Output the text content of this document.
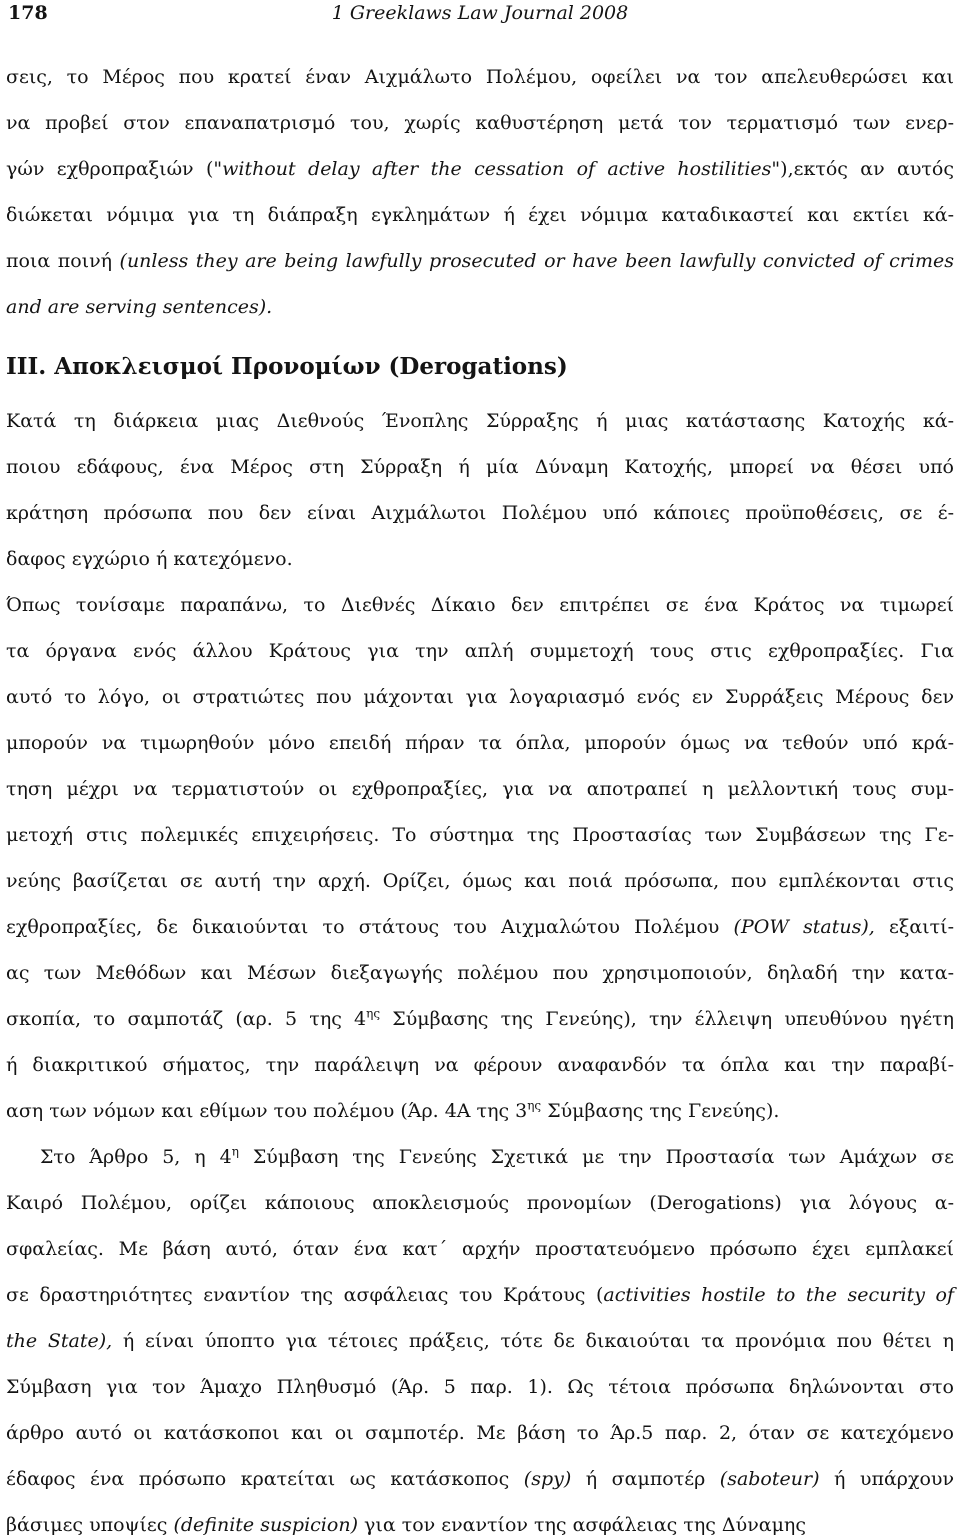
178	1 Greeklaws Law Journal 2008
σεις, το Μέρος που κρατεί έναν Αιχμάλωτο Πολέμου, οφείλει να τον απελευθερώσει και
να προβεί στον επαναπατρισμό του, χωρίς καθυστέρηση μετά τον τερματισμό των ενερ-
γών εχθροπραξιών ("without delay after the cessation of active hostilities"),εκτός αν αυτός
διώκεται νόμιμα για τη διάπραξη εγκλημάτων ή έχει νόμιμα καταδικαστεί και εκτίει κά-
ποια ποινή (unless they are being lawfully prosecuted or have been lawfully convicted of crimes
and are serving sentences).
III. Αποκλεισμοί Προνομίων (Derogations)
Κατά τη διάρκεια μιας Διεθνούς Ένοπλης Σύρραξης ή μιας κατάστασης Κατοχής κά-
ποιου εδάφους, ένα Μέρος στη Σύρραξη ή μία Δύναμη Κατοχής, μπορεί να θέσει υπό
κράτηση πρόσωπα που δεν είναι Αιχμάλωτοι Πολέμου υπό κάποιες προϋποθέσεις, σε έ-
δαφος εγχώριο ή κατεχόμενο.
Όπως τονίσαμε παραπάνω, το Διεθνές Δίκαιο δεν επιτρέπει σε ένα Κράτος να τιμωρεί
τα όργανα ενός άλλου Κράτους για την απλή συμμετοχή τους στις εχθροπραξίες. Για
αυτό το λόγο, οι στρατιώτες που μάχονται για λογαριασμό ενός εν Συρράξεις Μέρους δεν
μπορούν να τιμωρηθούν μόνο επειδή πήραν τα όπλα, μπορούν όμως να τεθούν υπό κρά-
τηση μέχρι να τερματιστούν οι εχθροπραξίες, για να αποτραπεί η μελλοντική τους συμ-
μετοχή στις πολεμικές επιχειρήσεις. Το σύστημα της Προστασίας των Συμβάσεων της Γε-
νεύης βασίζεται σε αυτή την αρχή. Ορίζει, όμως και ποιά πρόσωπα, που εμπλέκονται στις
εχθροπραξίες, δε δικαιούνται το στάτους του Αιχμαλώτου Πολέμου (POW status), εξαιτί-
ας των Μεθόδων και Μέσων διεξαγωγής πολέμου που χρησιμοποιούν, δηλαδή την κατα-
σκοπία, το σαμποτάζ (αρ. 5 της $4^{\eta\varsigma}$ Σύμβασης της Γενεύης), την έλλειψη υπευθύνου ηγέτη
ή διακριτικού σήματος, την παράλειψη να φέρουν αναφανδόν τα όπλα και την παραβί-
αση των νόμων και εθίμων του πολέμου (Άρ. 4Α της $3^{\eta\varsigma}$ Σύμβασης της Γενεύης).
Στο Άρθρο 5, η $4^\eta$ Σύμβαση της Γενεύης Σχετικά με την Προστασία των Αμάχων σε
Καιρό Πολέμου, ορίζει κάποιους αποκλεισμούς προνομίων (Derogations) για λόγους α-
σφαλείας. Με βάση αυτό, όταν ένα κατ΄ αρχήν προστατευόμενο πρόσωπο έχει εμπλακεί
σε δραστηριότητες εναντίον της ασφάλειας του Κράτους (activities hostile to the security of
the State), ή είναι ύποπτο για τέτοιες πράξεις, τότε δε δικαιούται τα προνόμια που θέτει η
Σύμβαση για τον Άμαχο Πληθυσμό (Άρ. 5 παρ. 1). Ως τέτοια πρόσωπα δηλώνονται στο
άρθρο αυτό οι κατάσκοποι και οι σαμποτέρ. Με βάση το Άρ.5 παρ. 2, όταν σε κατεχόμενο
έδαφος ένα πρόσωπο κρατείται ως κατάσκοπος (spy) ή σαμποτέρ (saboteur) ή υπάρχουν
βάσιμες υποψίες (definite suspicion) για τον εναντίον της ασφάλειας της Δύναμης
